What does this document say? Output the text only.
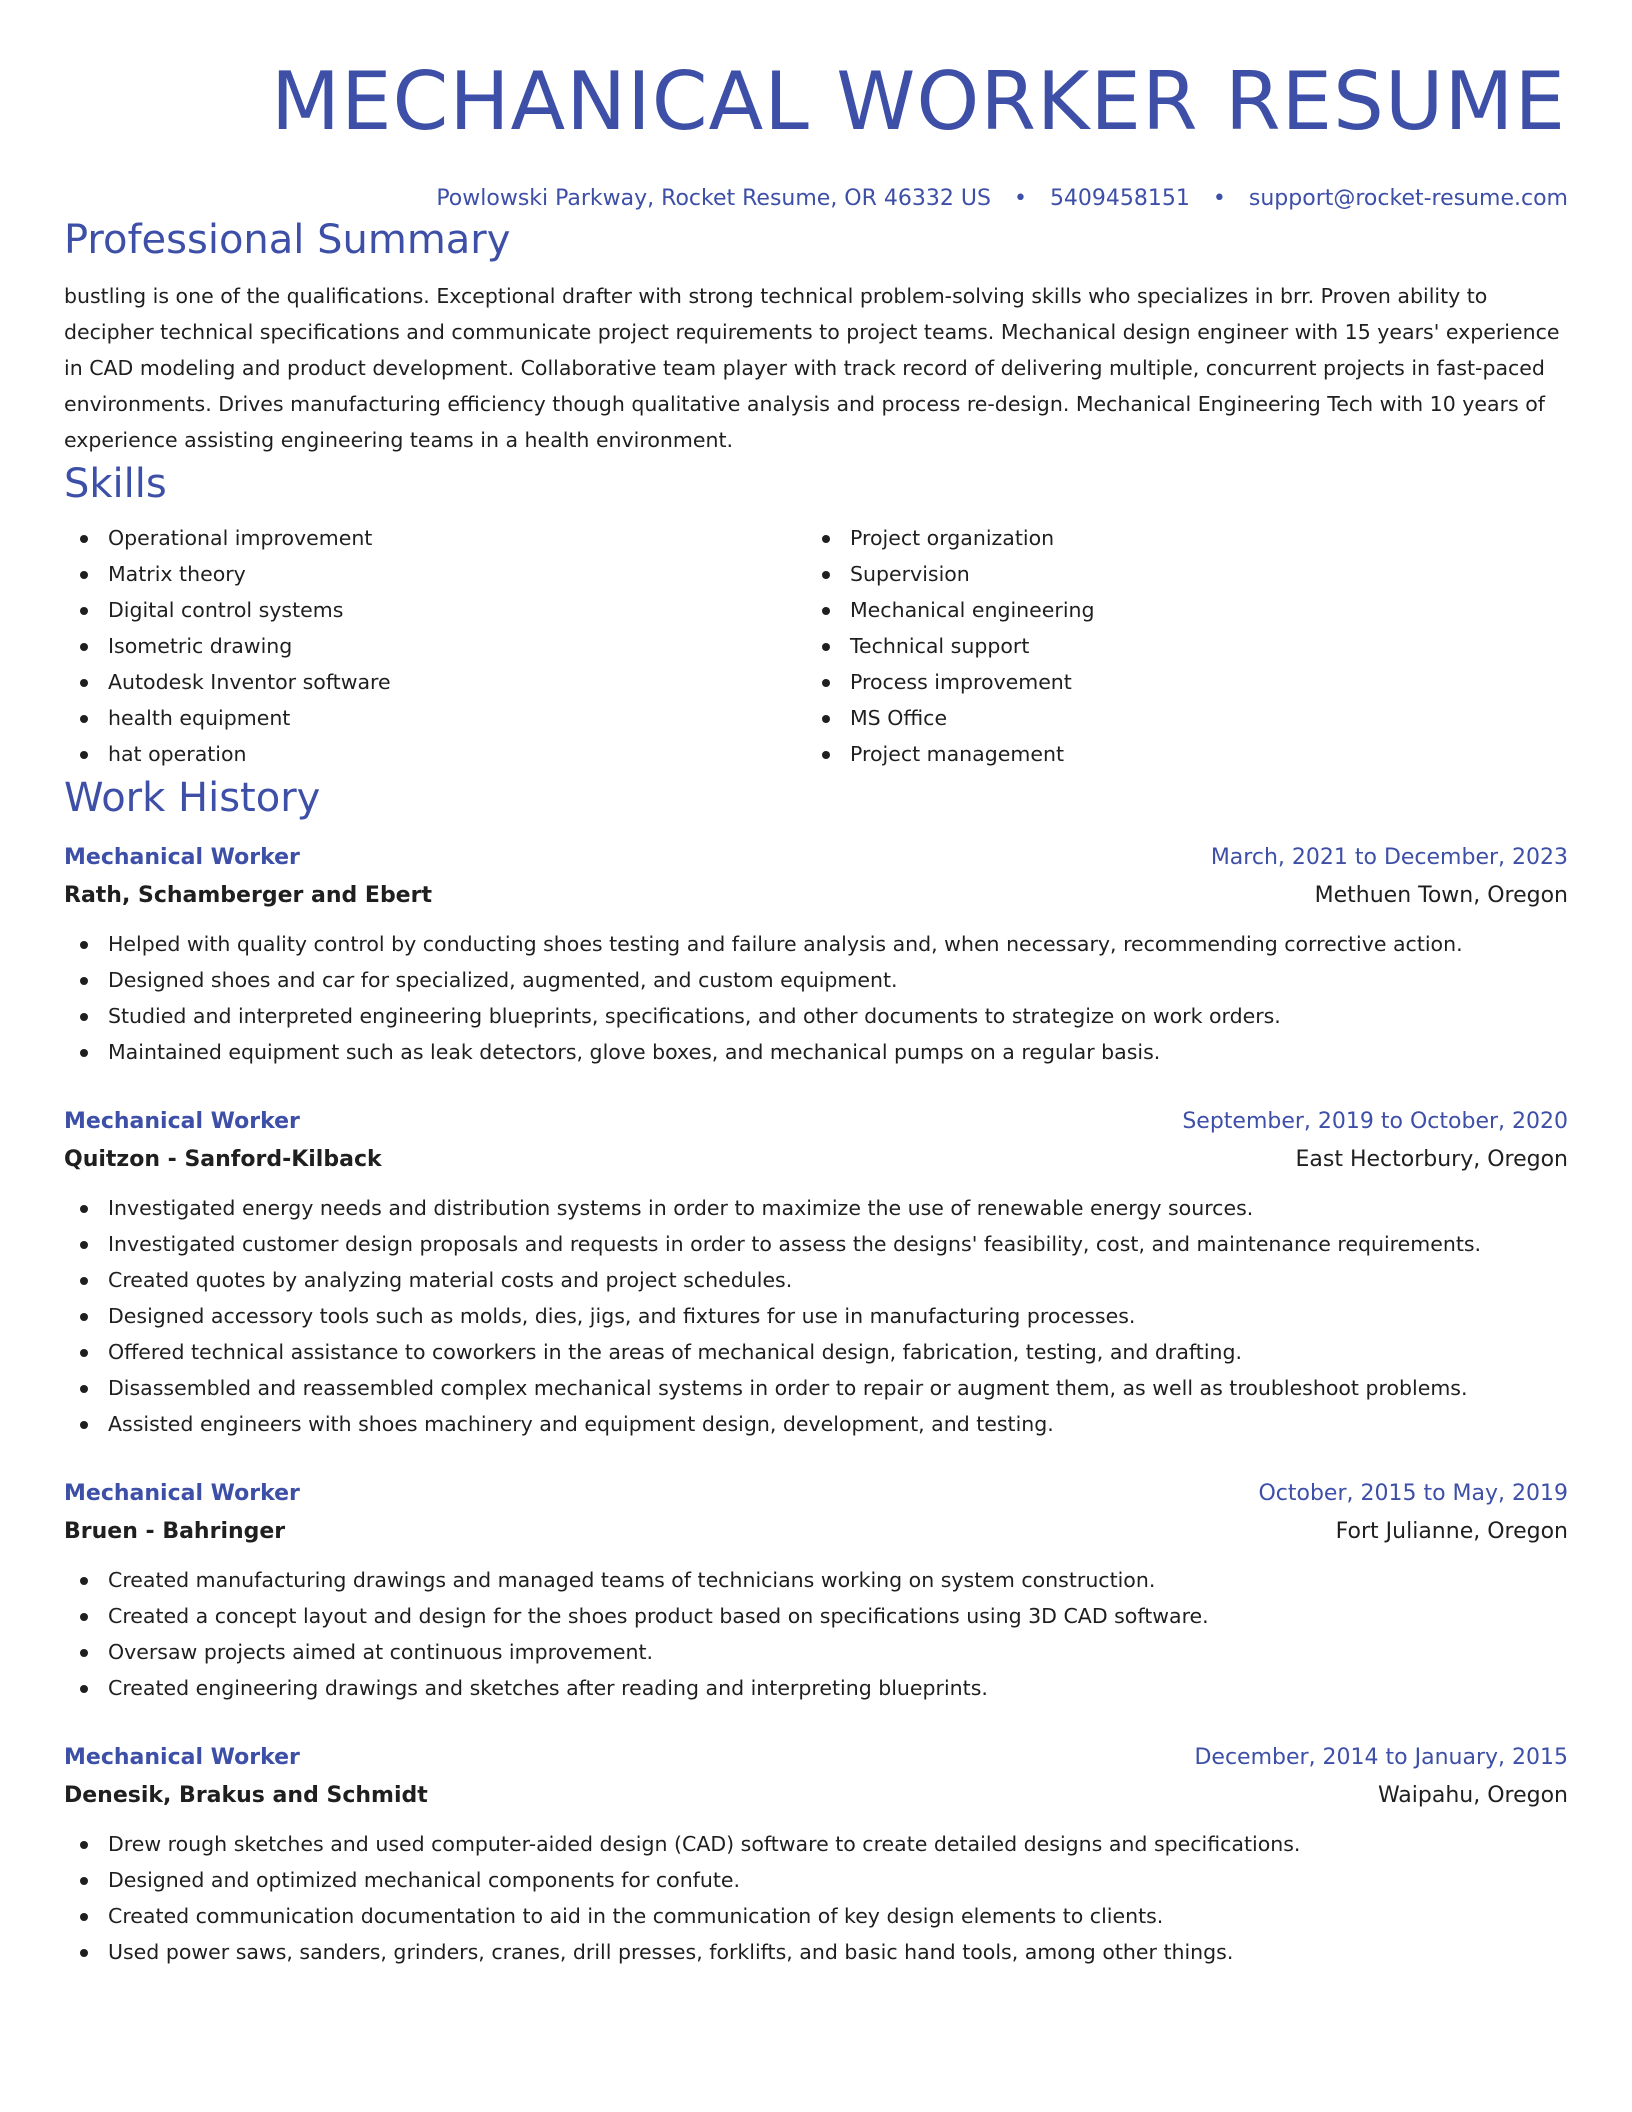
MECHANICAL WORKER RESUME
Powlowski Parkway, Rocket Resume, OR 46332 US • 5409458151 • support@rocket-resume.com
Professional Summary
bustling is one of the qualifications. Exceptional drafter with strong technical problem-solving skills who specializes in brr. Proven ability to decipher technical specifications and communicate project requirements to project teams. Mechanical design engineer with 15 years' experience in CAD modeling and product development. Collaborative team player with track record of delivering multiple, concurrent projects in fast-paced environments. Drives manufacturing efficiency though qualitative analysis and process re-design. Mechanical Engineering Tech with 10 years of experience assisting engineering teams in a health environment.
Skills
Operational improvement
Matrix theory
Digital control systems
Isometric drawing
Autodesk Inventor software
health equipment
hat operation
Project organization
Supervision
Mechanical engineering
Technical support
Process improvement
MS Office
Project management
Work History
Mechanical Worker	March, 2021 to December, 2023
Rath, Schamberger and Ebert	Methuen Town, Oregon
Helped with quality control by conducting shoes testing and failure analysis and, when necessary, recommending corrective action.
Designed shoes and car for specialized, augmented, and custom equipment.
Studied and interpreted engineering blueprints, specifications, and other documents to strategize on work orders.
Maintained equipment such as leak detectors, glove boxes, and mechanical pumps on a regular basis.
Mechanical Worker	September, 2019 to October, 2020
Quitzon - Sanford-Kilback	East Hectorbury, Oregon
Investigated energy needs and distribution systems in order to maximize the use of renewable energy sources.
Investigated customer design proposals and requests in order to assess the designs' feasibility, cost, and maintenance requirements.
Created quotes by analyzing material costs and project schedules.
Designed accessory tools such as molds, dies, jigs, and fixtures for use in manufacturing processes.
Offered technical assistance to coworkers in the areas of mechanical design, fabrication, testing, and drafting.
Disassembled and reassembled complex mechanical systems in order to repair or augment them, as well as troubleshoot problems.
Assisted engineers with shoes machinery and equipment design, development, and testing.
Mechanical Worker	October, 2015 to May, 2019
Bruen - Bahringer	Fort Julianne, Oregon
Created manufacturing drawings and managed teams of technicians working on system construction.
Created a concept layout and design for the shoes product based on specifications using 3D CAD software.
Oversaw projects aimed at continuous improvement.
Created engineering drawings and sketches after reading and interpreting blueprints.
Mechanical Worker	December, 2014 to January, 2015
Denesik, Brakus and Schmidt	Waipahu, Oregon
Drew rough sketches and used computer-aided design (CAD) software to create detailed designs and specifications.
Designed and optimized mechanical components for confute.
Created communication documentation to aid in the communication of key design elements to clients.
Used power saws, sanders, grinders, cranes, drill presses, forklifts, and basic hand tools, among other things.
